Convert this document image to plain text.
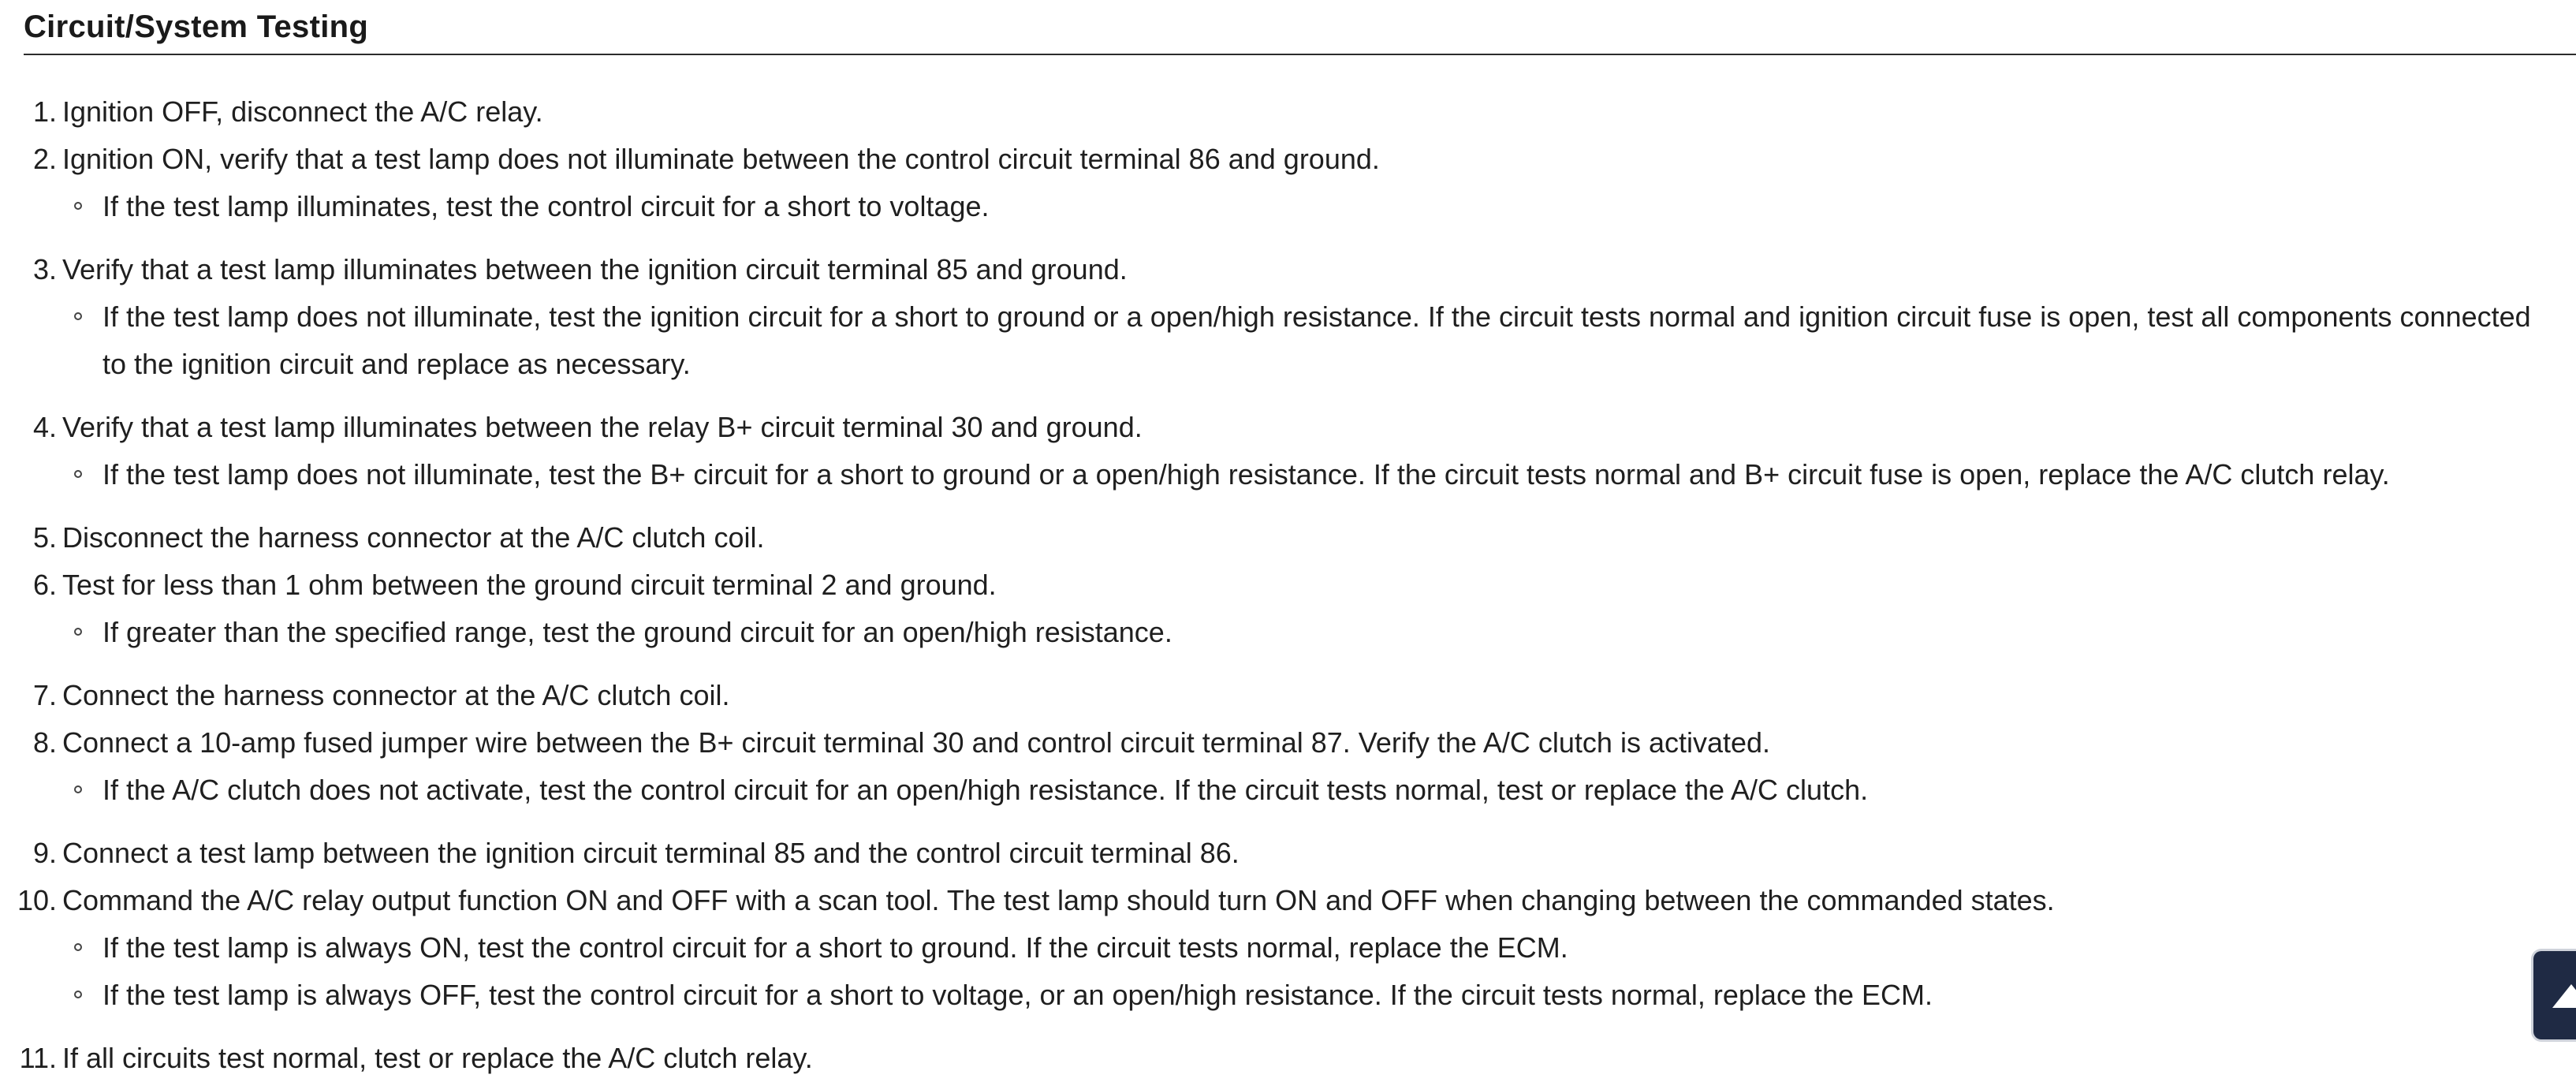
Circuit/System Testing
1. Ignition OFF, disconnect the A/C relay.
2. Ignition ON, verify that a test lamp does not illuminate between the control circuit terminal 86 and ground.
If the test lamp illuminates, test the control circuit for a short to voltage.
3. Verify that a test lamp illuminates between the ignition circuit terminal 85 and ground.
If the test lamp does not illuminate, test the ignition circuit for a short to ground or a open/high resistance. If the circuit tests normal and ignition circuit fuse is open, test all components connected to the ignition circuit and replace as necessary.
4. Verify that a test lamp illuminates between the relay B+ circuit terminal 30 and ground.
If the test lamp does not illuminate, test the B+ circuit for a short to ground or a open/high resistance. If the circuit tests normal and B+ circuit fuse is open, replace the A/C clutch relay.
5. Disconnect the harness connector at the A/C clutch coil.
6. Test for less than 1 ohm between the ground circuit terminal 2 and ground.
If greater than the specified range, test the ground circuit for an open/high resistance.
7. Connect the harness connector at the A/C clutch coil.
8. Connect a 10-amp fused jumper wire between the B+ circuit terminal 30 and control circuit terminal 87. Verify the A/C clutch is activated.
If the A/C clutch does not activate, test the control circuit for an open/high resistance. If the circuit tests normal, test or replace the A/C clutch.
9. Connect a test lamp between the ignition circuit terminal 85 and the control circuit terminal 86.
10. Command the A/C relay output function ON and OFF with a scan tool. The test lamp should turn ON and OFF when changing between the commanded states.
If the test lamp is always ON, test the control circuit for a short to ground. If the circuit tests normal, replace the ECM.
If the test lamp is always OFF, test the control circuit for a short to voltage, or an open/high resistance. If the circuit tests normal, replace the ECM.
11. If all circuits test normal, test or replace the A/C clutch relay.
